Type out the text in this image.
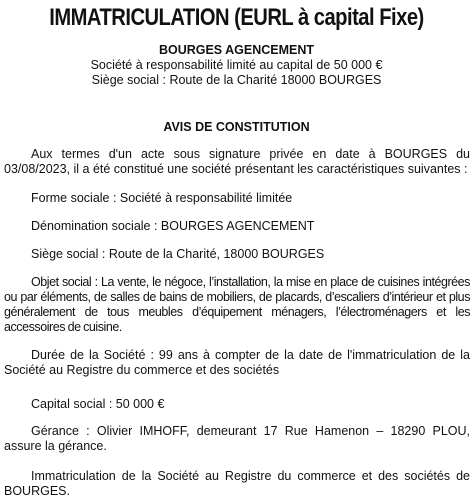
IMMATRICULATION (EURL à capital Fixe)
BOURGES AGENCEMENT
Société à responsabilité limité au capital de 50 000 €
Siège social : Route de la Charité 18000 BOURGES
AVIS DE CONSTITUTION

Aux termes d'un acte sous signature privée en date à BOURGES du 03/08/2023, il a été constitué une société présentant les caractéristiques suivantes :

Forme sociale : Société à responsabilité limitée

Dénomination sociale : BOURGES AGENCEMENT

Siège social : Route de la Charité, 18000 BOURGES

Objet social : La vente, le négoce, l’installation, la mise en place de cuisines intégrées ou par éléments, de salles de bains de mobiliers, de placards, d’escaliers d’intérieur et plus généralement de tous meubles d’équipement ménagers, l’électroménagers et les accessoires de cuisine.

Durée de la Société : 99 ans à compter de la date de l'immatriculation de la Société au Registre du commerce et des sociétés

Capital social : 50 000 €

Gérance : Olivier IMHOFF, demeurant 17 Rue Hamenon – 18290 PLOU, assure la gérance.

Immatriculation de la Société au Registre du commerce et des sociétés de BOURGES.
